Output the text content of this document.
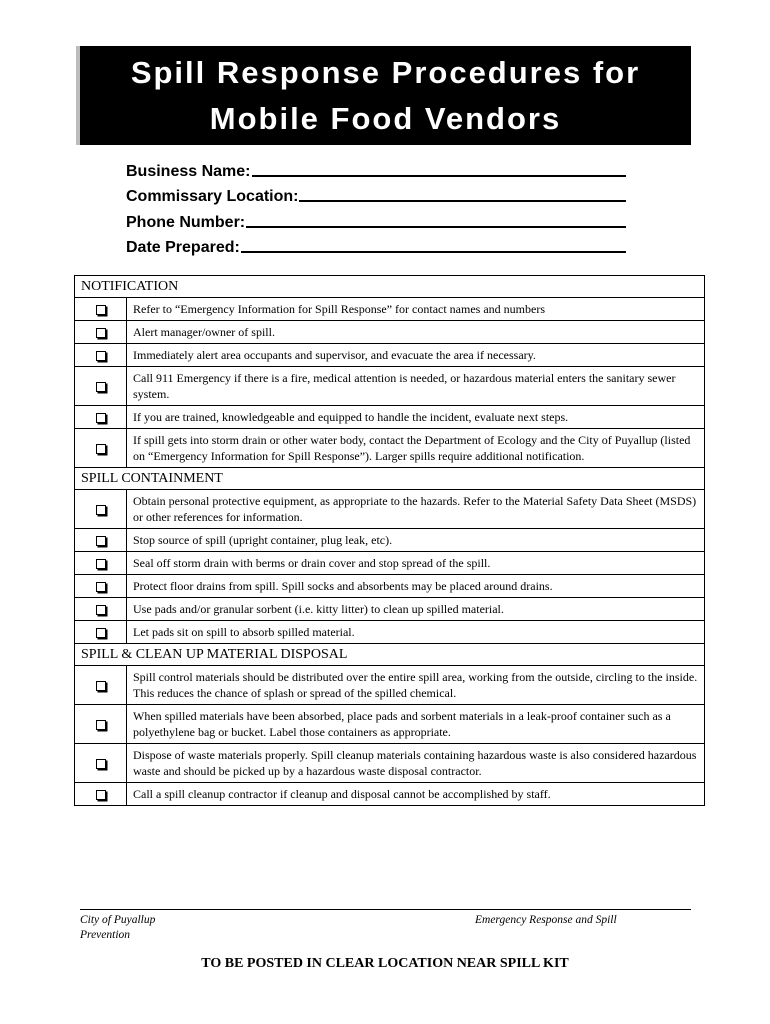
Spill Response Procedures for
Mobile Food Vendors
Business Name:
Commissary Location:
Phone Number:
Date Prepared:
NOTIFICATION	
	Refer to “Emergency Information for Spill Response” for contact names and numbers
	Alert manager/owner of spill.
	Immediately alert area occupants and supervisor, and evacuate the area if necessary.
	Call 911 Emergency if there is a fire, medical attention is needed, or hazardous material enters the sanitary sewer system.
	If you are trained, knowledgeable and equipped to handle the incident, evaluate next steps.
	If spill gets into storm drain or other water body, contact the Department of Ecology and the City of Puyallup (listed on “Emergency Information for Spill Response”). Larger spills require additional notification.
SPILL CONTAINMENT	
	Obtain personal protective equipment, as appropriate to the hazards. Refer to the Material Safety Data Sheet (MSDS) or other references for information.
	Stop source of spill (upright container, plug leak, etc).
	Seal off storm drain with berms or drain cover and stop spread of the spill.
	Protect floor drains from spill. Spill socks and absorbents may be placed around drains.
	Use pads and/or granular sorbent (i.e. kitty litter) to clean up spilled material.
	Let pads sit on spill to absorb spilled material.
SPILL & CLEAN UP MATERIAL DISPOSAL	
	Spill control materials should be distributed over the entire spill area, working from the outside, circling to the inside. This reduces the chance of splash or spread of the spilled chemical.
	When spilled materials have been absorbed, place pads and sorbent materials in a leak-proof container such as a polyethylene bag or bucket. Label those containers as appropriate.
	Dispose of waste materials properly. Spill cleanup materials containing hazardous waste is also considered hazardous waste and should be picked up by a hazardous waste disposal contractor.
	Call a spill cleanup contractor if cleanup and disposal cannot be accomplished by staff.
City of Puyallup
Prevention
Emergency Response and Spill
TO BE POSTED IN CLEAR LOCATION NEAR SPILL KIT
